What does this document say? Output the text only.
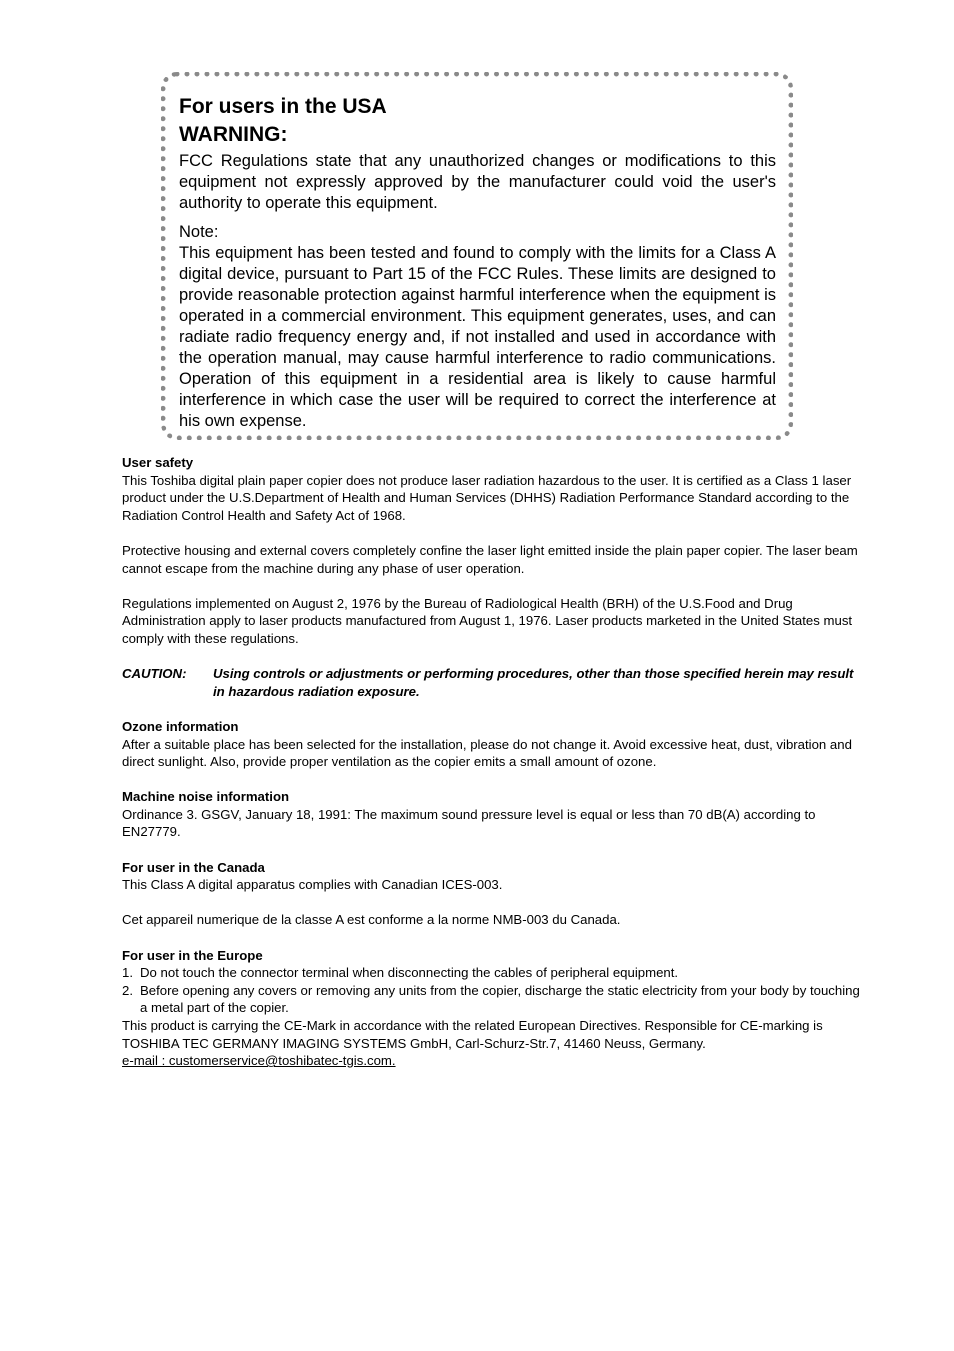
For users in the USA
WARNING:

FCC Regulations state that any unauthorized changes or modifications to this equipment not expressly approved by the manufacturer could void the user's authority to operate this equipment.

Note:

This equipment has been tested and found to comply with the limits for a Class A digital device, pursuant to Part 15 of the FCC Rules. These limits are designed to provide reasonable protection against harmful interference when the equipment is operated in a commercial environment. This equipment generates, uses, and can radiate radio frequency energy and, if not installed and used in accordance with the operation manual, may cause harmful interference to radio communications. Operation of this equipment in a residential area is likely to cause harmful interference in which case the user will be required to correct the interference at his own expense.

User safety

This Toshiba digital plain paper copier does not produce laser radiation hazardous to the user. It is certified as a Class 1 laser product under the U.S.Department of Health and Human Services (DHHS) Radiation Performance Standard according to the Radiation Control Health and Safety Act of 1968.

Protective housing and external covers completely confine the laser light emitted inside the plain paper copier. The laser beam cannot escape from the machine during any phase of user operation.

Regulations implemented on August 2, 1976 by the Bureau of Radiological Health (BRH) of the U.S.Food and Drug Administration apply to laser products manufactured from August 1, 1976. Laser products marketed in the United States must comply with these regulations.

CAUTION:	Using controls or adjustments or performing procedures, other than those specified herein may result in hazardous radiation exposure.

Ozone information

After a suitable place has been selected for the installation, please do not change it. Avoid excessive heat, dust, vibration and direct sunlight. Also, provide proper ventilation as the copier emits a small amount of ozone.

Machine noise information

Ordinance 3. GSGV, January 18, 1991: The maximum sound pressure level is equal or less than 70 dB(A) according to EN27779.

For user in the Canada

This Class A digital apparatus complies with Canadian ICES-003.

Cet appareil numerique de la classe A est conforme a la norme NMB-003 du Canada.

For user in the Europe

1. Do not touch the connector terminal when disconnecting the cables of peripheral equipment.
2. Before opening any covers or removing any units from the copier, discharge the static electricity from your body by touching a metal part of the copier.

This product is carrying the CE-Mark in accordance with the related European Directives. Responsible for CE-marking is TOSHIBA TEC GERMANY IMAGING SYSTEMS GmbH, Carl-Schurz-Str.7, 41460 Neuss, Germany.

e-mail : customerservice@toshibatec-tgis.com.
